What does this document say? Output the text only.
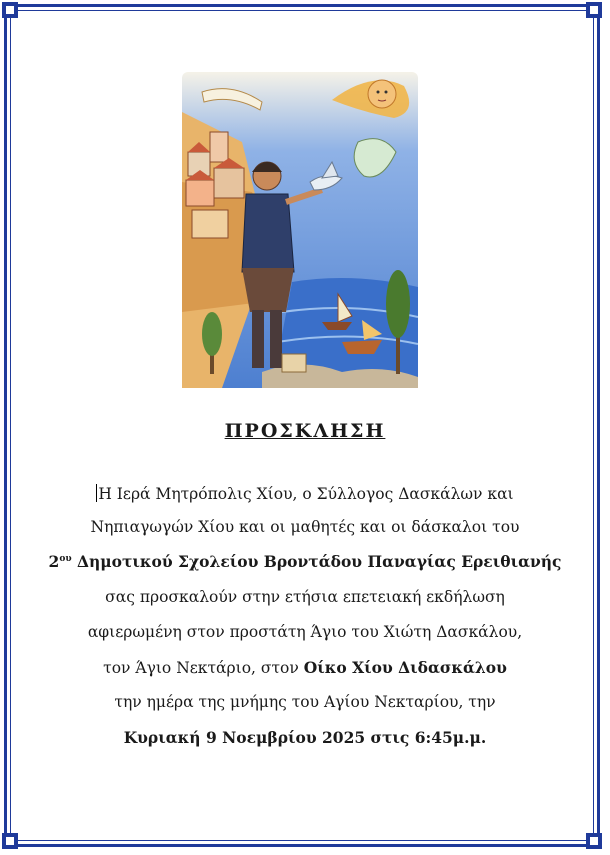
ΠΡΟΣΚΛΗΣΗ
Η Ιερά Μητρόπολις Χίου, ο Σύλλογος Δασκάλων και
Νηπιαγωγών Χίου και οι μαθητές και οι δάσκαλοι του
$2^{o\upsilon}$ Δημοτικού Σχολείου Βροντάδου Παναγίας Ερειθιανής
σας προσκαλούν στην ετήσια επετειακή εκδήλωση
αφιερωμένη στον προστάτη Άγιο του Χιώτη Δασκάλου,
τον Άγιο Νεκτάριο, στον Οίκο Χίου Διδασκάλου
την ημέρα της μνήμης του Αγίου Νεκταρίου, την
Κυριακή 9 Νοεμβρίου 2025 στις 6:45μ.μ.
